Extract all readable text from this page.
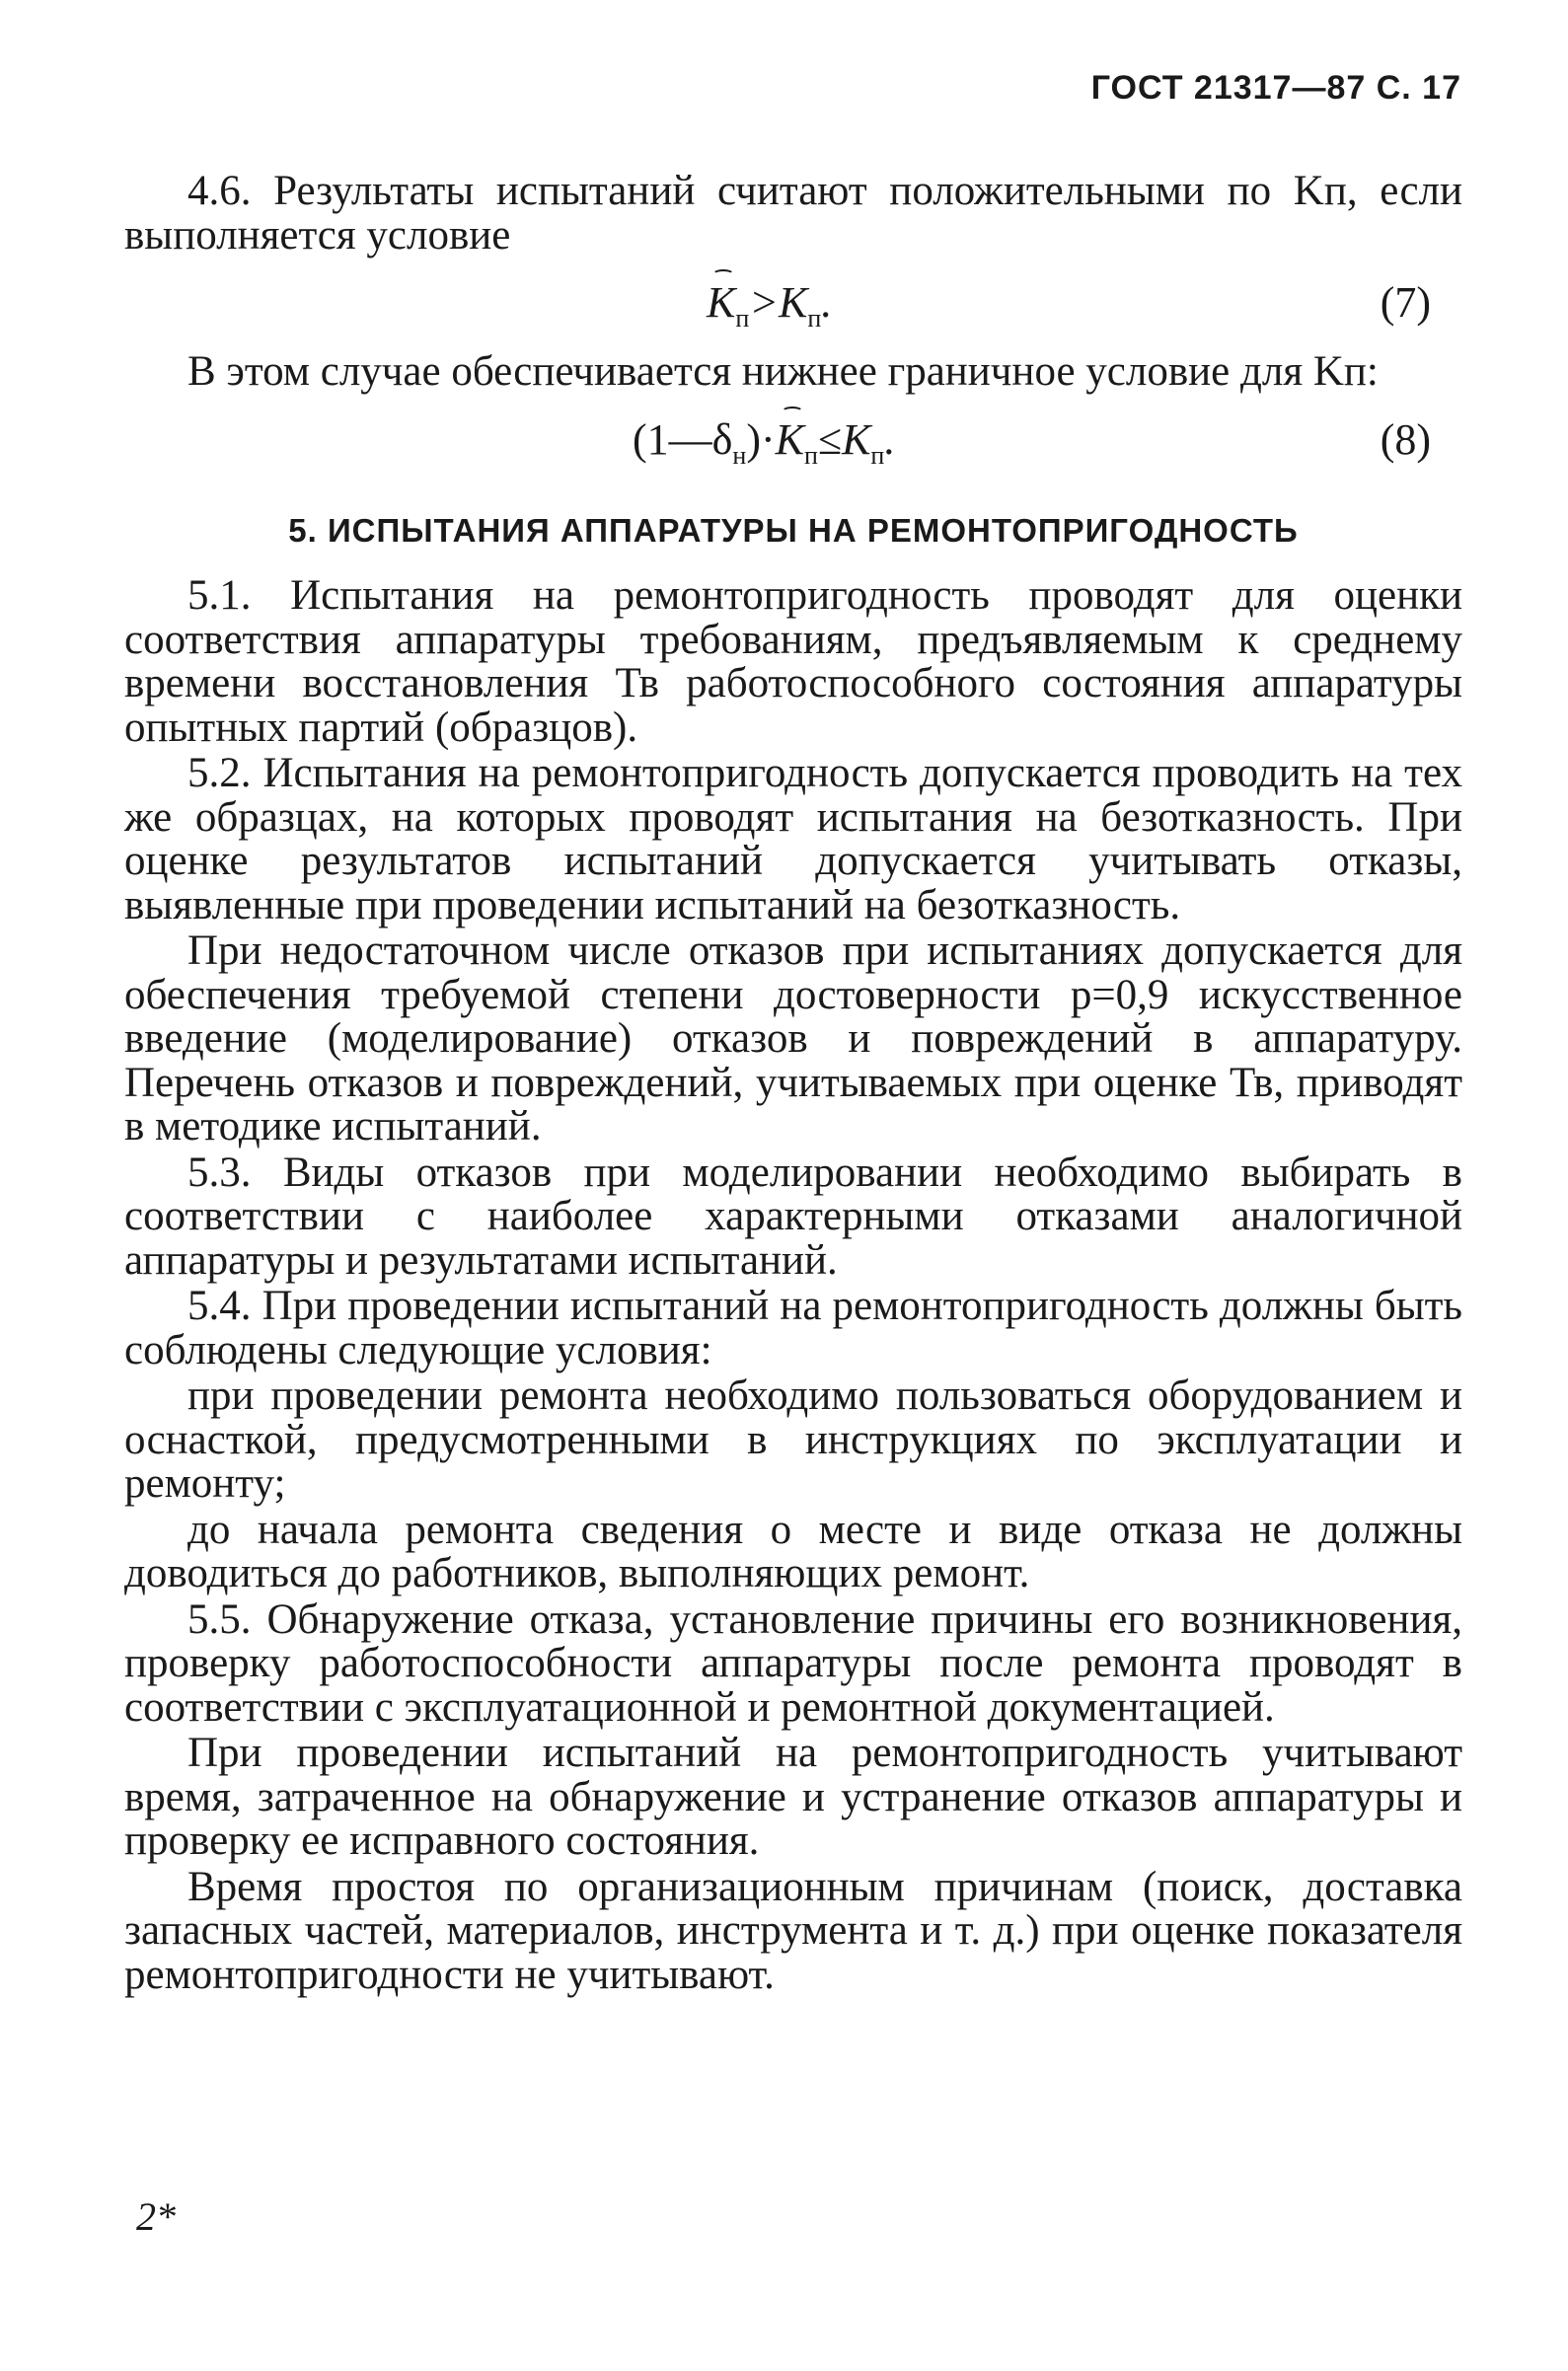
ГОСТ 21317—87 С. 17

4.6. Результаты испытаний считают положительными по Kп, если выполняется условие

$K_п>K_п$.	(7)

В этом случае обеспечивается нижнее граничное условие для Kп:

$(1—\delta_н)\cdot K_п\le K_п$.	(8)
5. ИСПЫТАНИЯ АППАРАТУРЫ НА РЕМОНТОПРИГОДНОСТЬ

5.1. Испытания на ремонтопригодность проводят для оценки соответствия аппаратуры требованиям, предъявляемым к среднему времени восстановления Тв работоспособного состояния аппаратуры опытных партий (образцов).

5.2. Испытания на ремонтопригодность допускается проводить на тех же образцах, на которых проводят испытания на безотказность. При оценке результатов испытаний допускается учитывать отказы, выявленные при проведении испытаний на безотказность.

При недостаточном числе отказов при испытаниях допускается для обеспечения требуемой степени достоверности p=0,9 искусственное введение (моделирование) отказов и повреждений в аппаратуру. Перечень отказов и повреждений, учитываемых при оценке Тв, приводят в методике испытаний.

5.3. Виды отказов при моделировании необходимо выбирать в соответствии с наиболее характерными отказами аналогичной аппаратуры и результатами испытаний.

5.4. При проведении испытаний на ремонтопригодность должны быть соблюдены следующие условия:

при проведении ремонта необходимо пользоваться оборудованием и оснасткой, предусмотренными в инструкциях по эксплуатации и ремонту;

до начала ремонта сведения о месте и виде отказа не должны доводиться до работников, выполняющих ремонт.

5.5. Обнаружение отказа, установление причины его возникновения, проверку работоспособности аппаратуры после ремонта проводят в соответствии с эксплуатационной и ремонтной документацией.

При проведении испытаний на ремонтопригодность учитывают время, затраченное на обнаружение и устранение отказов аппаратуры и проверку ее исправного состояния.

Время простоя по организационным причинам (поиск, доставка запасных частей, материалов, инструмента и т. д.) при оценке показателя ремонтопригодности не учитывают.

2*
